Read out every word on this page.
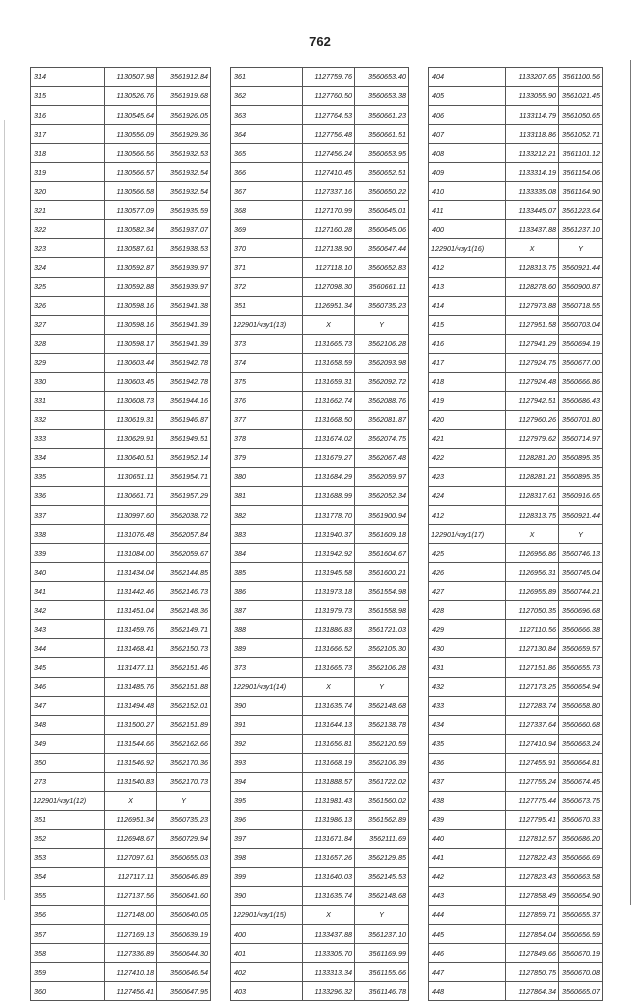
762
314	1130507.98	3561912.84
315	1130526.76	3561919.68
316	1130545.64	3561926.05
317	1130556.09	3561929.36
318	1130566.56	3561932.53
319	1130566.57	3561932.54
320	1130566.58	3561932.54
321	1130577.09	3561935.59
322	1130582.34	3561937.07
323	1130587.61	3561938.53
324	1130592.87	3561939.97
325	1130592.88	3561939.97
326	1130598.16	3561941.38
327	1130598.16	3561941.39
328	1130598.17	3561941.39
329	1130603.44	3561942.78
330	1130603.45	3561942.78
331	1130608.73	3561944.16
332	1130619.31	3561946.87
333	1130629.91	3561949.51
334	1130640.51	3561952.14
335	1130651.11	3561954.71
336	1130661.71	3561957.29
337	1130997.60	3562038.72
338	1131076.48	3562057.84
339	1131084.00	3562059.67
340	1131434.04	3562144.85
341	1131442.46	3562146.73
342	1131451.04	3562148.36
343	1131459.76	3562149.71
344	1131468.41	3562150.73
345	1131477.11	3562151.46
346	1131485.76	3562151.88
347	1131494.48	3562152.01
348	1131500.27	3562151.89
349	1131544.66	3562162.66
350	1131546.92	3562170.36
273	1131540.83	3562170.73
122901/чзу1(12)	X	Y
351	1126951.34	3560735.23
352	1126948.67	3560729.94
353	1127097.61	3560655.03
354	1127117.11	3560646.89
355	1127137.56	3560641.60
356	1127148.00	3560640.05
357	1127169.13	3560639.19
358	1127336.89	3560644.30
359	1127410.18	3560646.54
360	1127456.41	3560647.95
361	1127759.76	3560653.40
362	1127760.50	3560653.38
363	1127764.53	3560661.23
364	1127756.48	3560661.51
365	1127456.24	3560653.95
366	1127410.45	3560652.51
367	1127337.16	3560650.22
368	1127170.99	3560645.01
369	1127160.28	3560645.06
370	1127138.90	3560647.44
371	1127118.10	3560652.83
372	1127098.30	3560661.11
351	1126951.34	3560735.23
122901/чзу1(13)	X	Y
373	1131665.73	3562106.28
374	1131658.59	3562093.98
375	1131659.31	3562092.72
376	1131662.74	3562088.76
377	1131668.50	3562081.87
378	1131674.02	3562074.75
379	1131679.27	3562067.48
380	1131684.29	3562059.97
381	1131688.99	3562052.34
382	1131778.70	3561900.94
383	1131940.37	3561609.18
384	1131942.92	3561604.67
385	1131945.58	3561600.21
386	1131973.18	3561554.98
387	1131979.73	3561558.98
388	1131886.83	3561721.03
389	1131666.52	3562105.30
373	1131665.73	3562106.28
122901/чзу1(14)	X	Y
390	1131635.74	3562148.68
391	1131644.13	3562138.78
392	1131656.81	3562120.59
393	1131668.19	3562106.39
394	1131888.57	3561722.02
395	1131981.43	3561560.02
396	1131986.13	3561562.89
397	1131671.84	3562111.69
398	1131657.26	3562129.85
399	1131640.03	3562145.53
390	1131635.74	3562148.68
122901/чзу1(15)	X	Y
400	1133437.88	3561237.10
401	1133305.70	3561169.99
402	1133313.34	3561155.66
403	1133296.32	3561146.78
404	1133207.65	3561100.56
405	1133055.90	3561021.45
406	1133114.79	3561050.65
407	1133118.86	3561052.71
408	1133212.21	3561101.12
409	1133314.19	3561154.06
410	1133335.08	3561164.90
411	1133445.07	3561223.64
400	1133437.88	3561237.10
122901/чзу1(16)	X	Y
412	1128313.75	3560921.44
413	1128278.60	3560900.87
414	1127973.88	3560718.55
415	1127951.58	3560703.04
416	1127941.29	3560694.19
417	1127924.75	3560677.00
418	1127924.48	3560666.86
419	1127942.51	3560686.43
420	1127960.26	3560701.80
421	1127979.62	3560714.97
422	1128281.20	3560895.35
423	1128281.21	3560895.35
424	1128317.61	3560916.65
412	1128313.75	3560921.44
122901/чзу1(17)	X	Y
425	1126956.86	3560746.13
426	1126956.31	3560745.04
427	1126955.89	3560744.21
428	1127050.35	3560696.68
429	1127110.56	3560666.38
430	1127130.84	3560659.57
431	1127151.86	3560655.73
432	1127173.25	3560654.94
433	1127283.74	3560658.80
434	1127337.64	3560660.68
435	1127410.94	3560663.24
436	1127455.91	3560664.81
437	1127755.24	3560674.45
438	1127775.44	3560673.75
439	1127795.41	3560670.33
440	1127812.57	3560686.20
441	1127822.43	3560666.69
442	1127823.43	3560663.58
443	1127858.49	3560654.90
444	1127859.71	3560655.37
445	1127854.04	3560656.59
446	1127849.66	3560670.19
447	1127850.75	3560670.08
448	1127864.34	3560665.07
